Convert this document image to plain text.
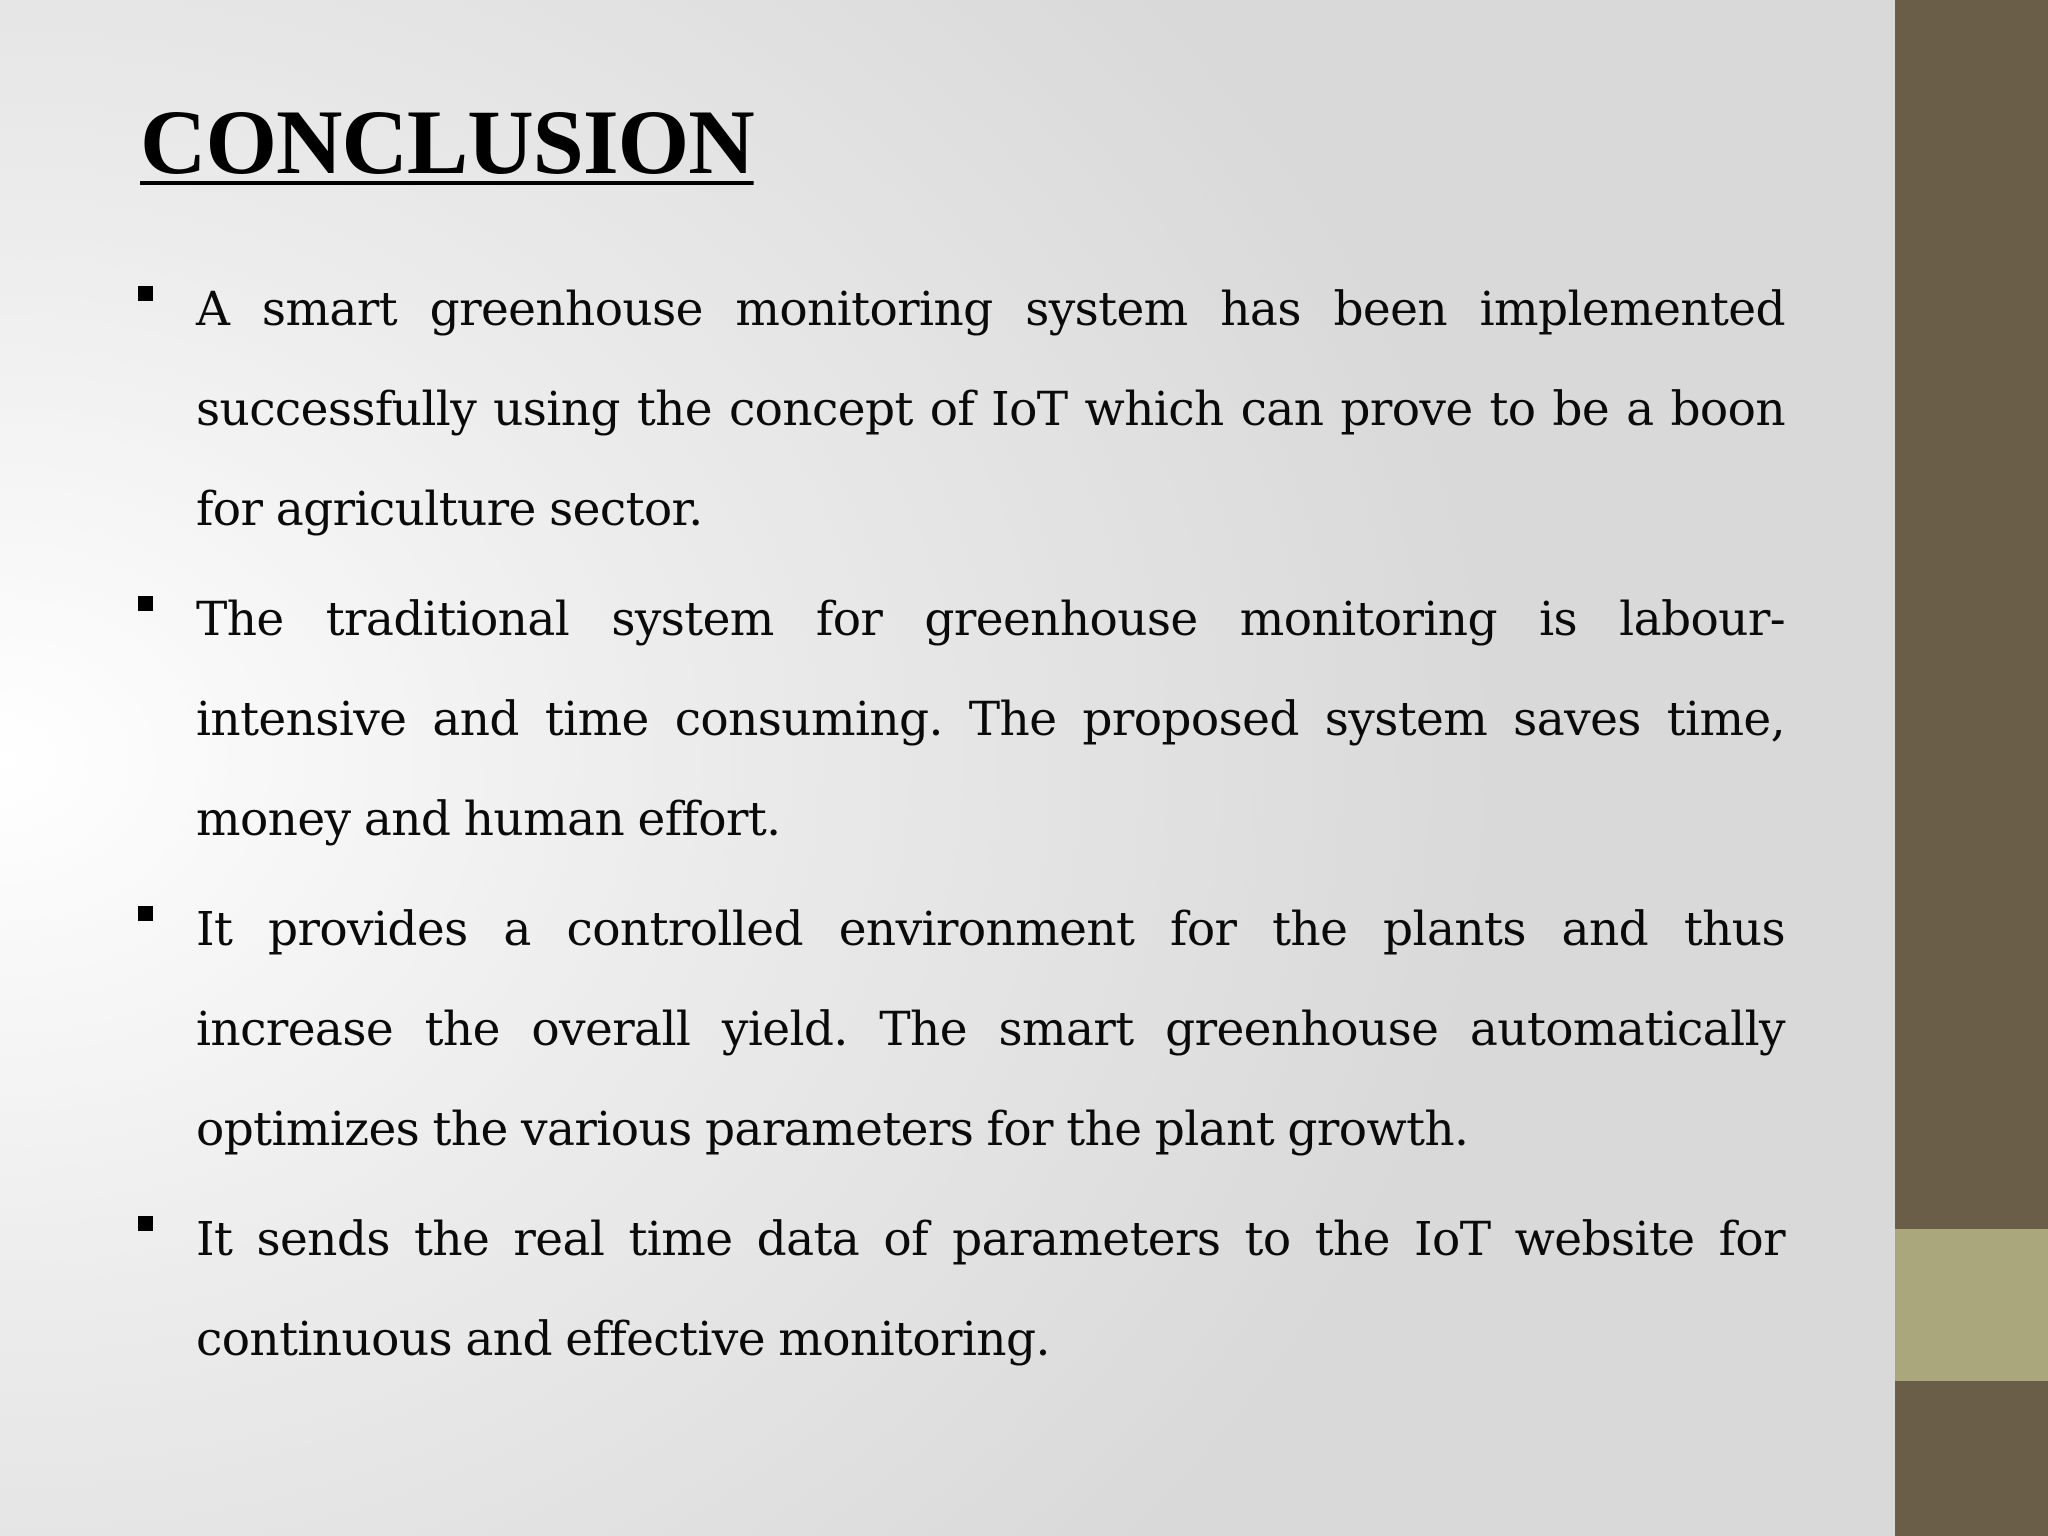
CONCLUSION
A smart greenhouse monitoring system has been implemented successfully using the concept of IoT which can prove to be a boon for agriculture sector.
The traditional system for greenhouse monitoring is labour-intensive and time consuming. The proposed system saves time, money and human effort.
It provides a controlled environment for the plants and thus increase the overall yield. The smart greenhouse automatically optimizes the various parameters for the plant growth.
It sends the real time data of parameters to the IoT website for continuous and effective monitoring.
